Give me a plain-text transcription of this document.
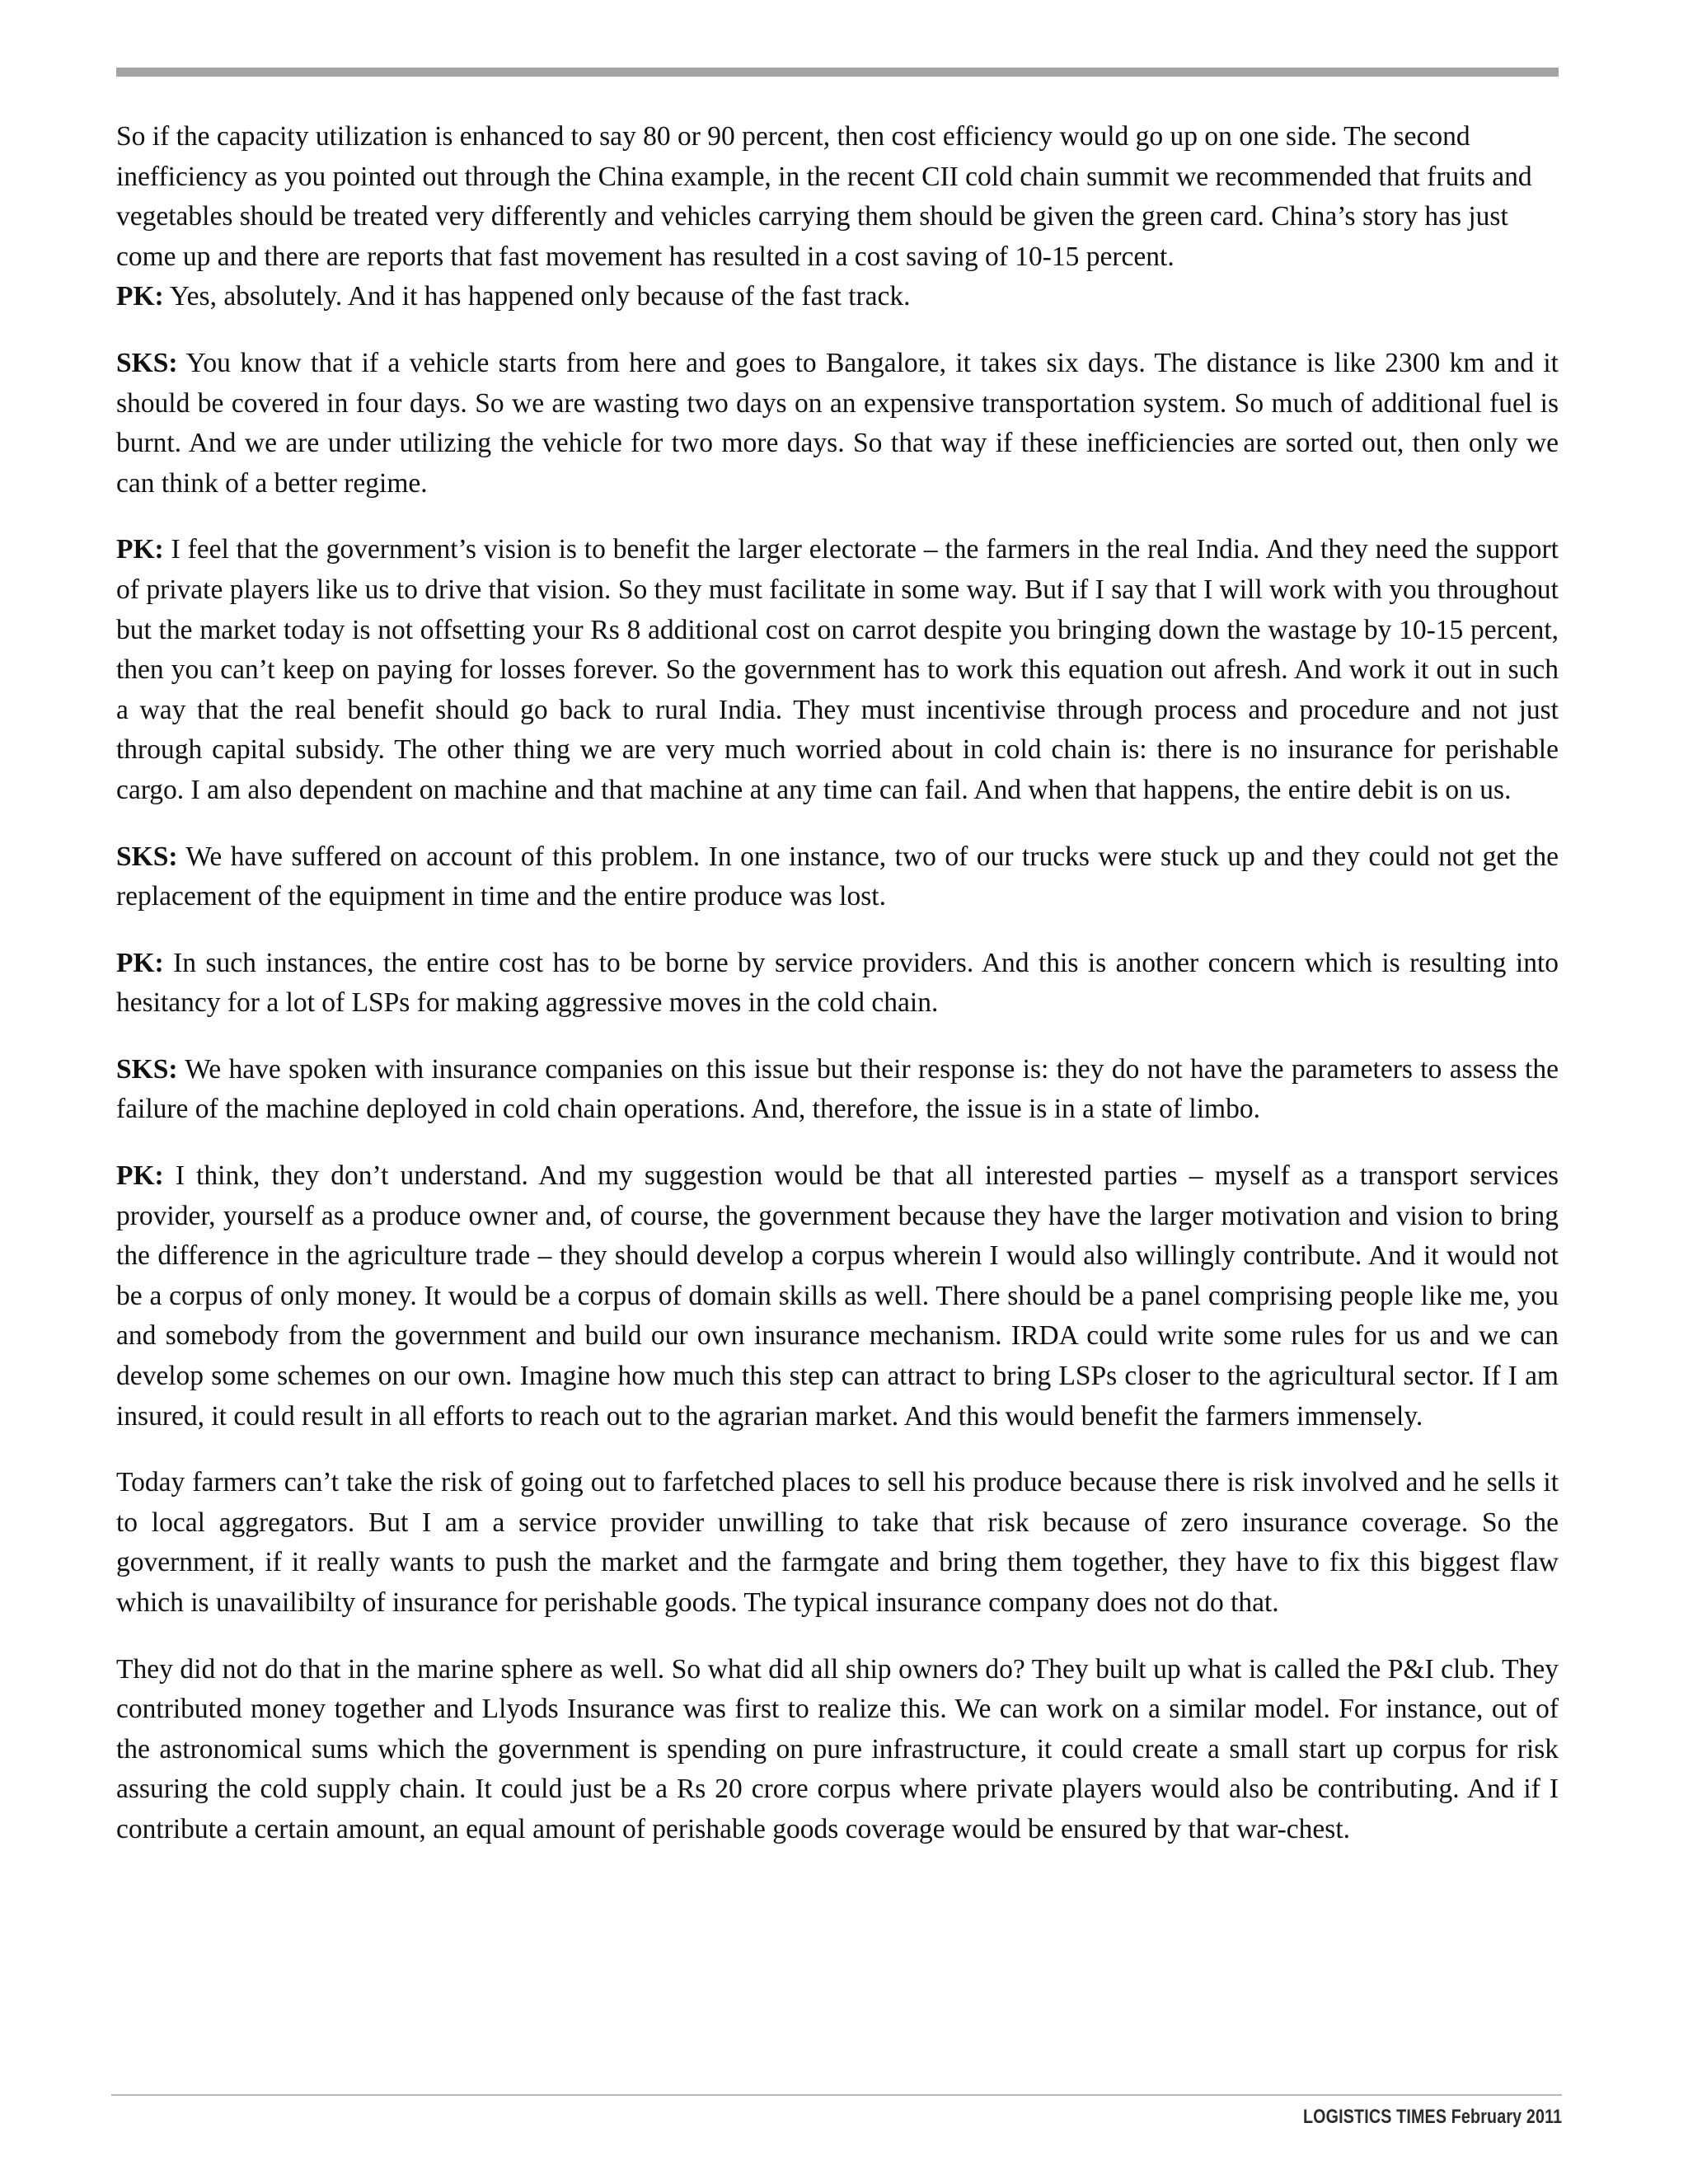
So if the capacity utilization is enhanced to say 80 or 90 percent, then cost efficiency would go up on one side. The second inefficiency as you pointed out through the China example, in the recent CII cold chain summit we recommended that fruits and vegetables should be treated very differently and vehicles carrying them should be given the green card. China’s story has just come up and there are reports that fast movement has resulted in a cost saving of 10-15 percent.

PK: Yes, absolutely. And it has happened only because of the fast track.

SKS: You know that if a vehicle starts from here and goes to Bangalore, it takes six days. The distance is like 2300 km and it should be covered in four days. So we are wasting two days on an expensive transportation system. So much of additional fuel is burnt. And we are under utilizing the vehicle for two more days. So that way if these inefficiencies are sorted out, then only we can think of a better regime.

PK: I feel that the government’s vision is to benefit the larger electorate – the farmers in the real India. And they need the support of private players like us to drive that vision. So they must facilitate in some way. But if I say that I will work with you throughout but the market today is not offsetting your Rs 8 additional cost on carrot despite you bringing down the wastage by 10-15 percent, then you can’t keep on paying for losses forever. So the government has to work this equation out afresh. And work it out in such a way that the real benefit should go back to rural India. They must incentivise through process and procedure and not just through capital subsidy. The other thing we are very much worried about in cold chain is: there is no insurance for perishable cargo. I am also dependent on machine and that machine at any time can fail. And when that happens, the entire debit is on us.

SKS: We have suffered on account of this problem. In one instance, two of our trucks were stuck up and they could not get the replacement of the equipment in time and the entire produce was lost.

PK: In such instances, the entire cost has to be borne by service providers. And this is another concern which is resulting into hesitancy for a lot of LSPs for making aggressive moves in the cold chain.

SKS: We have spoken with insurance companies on this issue but their response is: they do not have the parameters to assess the failure of the machine deployed in cold chain operations. And, therefore, the issue is in a state of limbo.

PK: I think, they don’t understand. And my suggestion would be that all interested parties – myself as a transport services provider, yourself as a produce owner and, of course, the government because they have the larger motivation and vision to bring the difference in the agriculture trade – they should develop a corpus wherein I would also willingly contribute. And it would not be a corpus of only money. It would be a corpus of domain skills as well. There should be a panel comprising people like me, you and somebody from the government and build our own insurance mechanism. IRDA could write some rules for us and we can develop some schemes on our own. Imagine how much this step can attract to bring LSPs closer to the agricultural sector. If I am insured, it could result in all efforts to reach out to the agrarian market. And this would benefit the farmers immensely.

Today farmers can’t take the risk of going out to farfetched places to sell his produce because there is risk involved and he sells it to local aggregators. But I am a service provider unwilling to take that risk because of zero insurance coverage. So the government, if it really wants to push the market and the farmgate and bring them together, they have to fix this biggest flaw which is unavailibilty of insurance for perishable goods. The typical insurance company does not do that.

They did not do that in the marine sphere as well. So what did all ship owners do? They built up what is called the P&I club. They contributed money together and Llyods Insurance was first to realize this. We can work on a similar model. For instance, out of the astronomical sums which the government is spending on pure infrastructure, it could create a small start up corpus for risk assuring the cold supply chain. It could just be a Rs 20 crore corpus where private players would also be contributing. And if I contribute a certain amount, an equal amount of perishable goods coverage would be ensured by that war-chest.

LOGISTICS TIMES February 2011
